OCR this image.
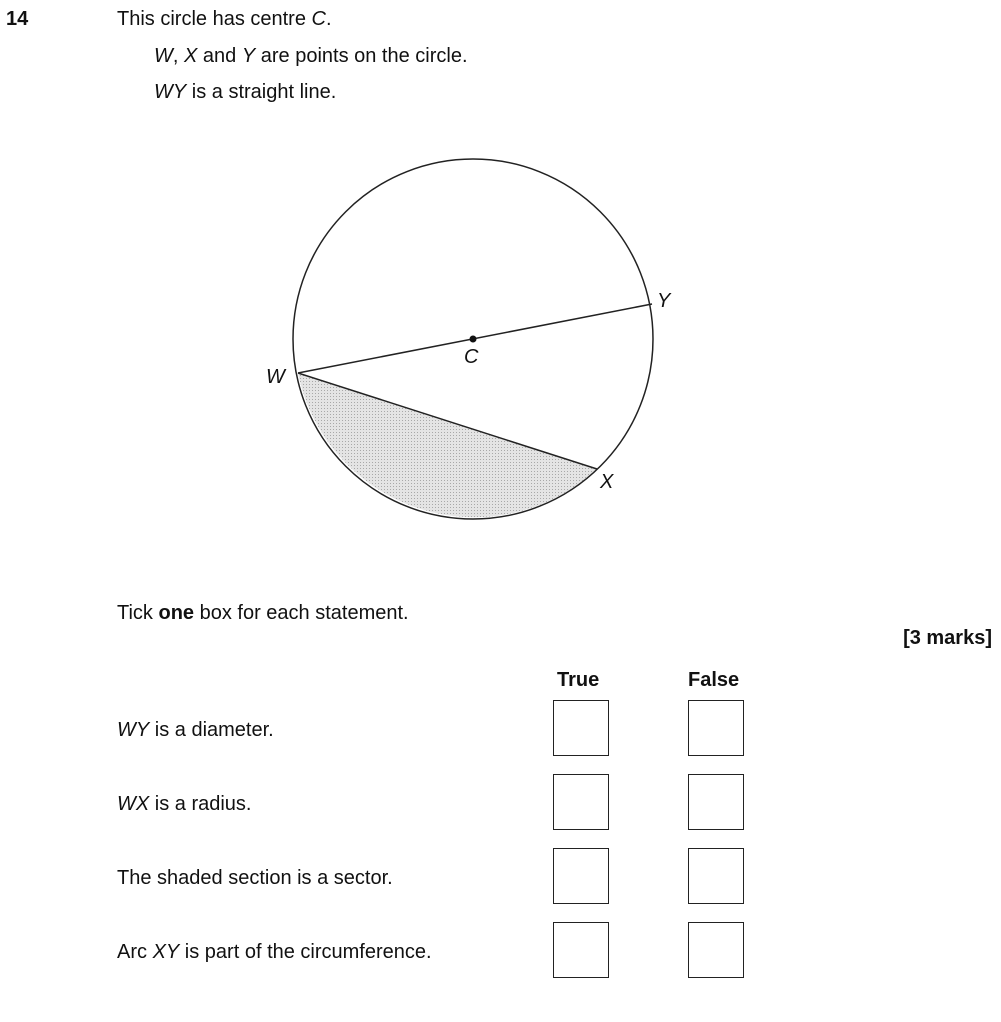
14	This circle has centre C.
W, X and Y are points on the circle.
WY is a straight line.
C
W
Y
X
Tick one box for each statement.
[3 marks]
True	False
WY is a diameter.
WX is a radius.
The shaded section is a sector.
Arc XY is part of the circumference.
